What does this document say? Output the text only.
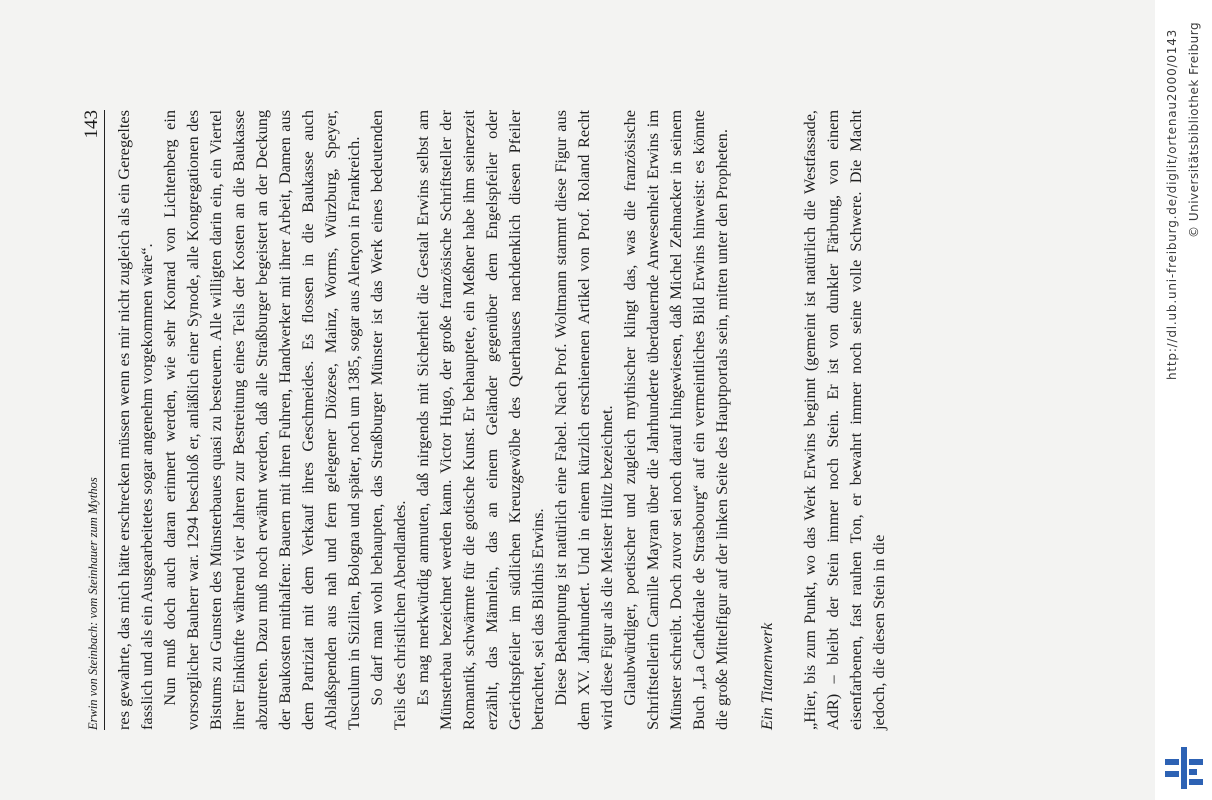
Erwin von Steinbach: vom Steinhauer zum Mythos
143 res gewahrte, das mich hätte erschrecken müssen wenn es mir nicht zugleich als ein Geregeltes fasslich und als ein Ausgearbeitetes sogar angenehm vorgekommen wäre“. Nun muß doch auch daran erinnert werden, wie sehr Konrad von Lichtenberg ein vorsorglicher Bauherr war. 1294 beschloß er, anläßlich einer Synode, alle Kongregationen des Bistums zu Gunsten des Münsterbaues quasi zu besteuern. Alle willigten darin ein, ein Viertel ihrer Einkünfte während vier Jahren zur Bestreitung eines Teils der Kosten an die Baukasse abzutreten. Dazu muß noch erwähnt werden, daß alle Straßburger begeistert an der Deckung der Baukosten mithalfen: Bauern mit ihren Fuhren, Handwerker mit ihrer Arbeit, Damen aus dem Patriziat mit dem Verkauf ihres Geschmeides. Es flossen in die Baukasse auch Ablaßspenden aus nah und fern gelegener Diözese, Mainz, Worms, Würzburg, Speyer, Tusculum in Sizilien, Bologna und später, noch um 1385, sogar aus Alençon in Frankreich. So darf man wohl behaupten, das Straßburger Münster ist das Werk eines bedeutenden Teils des christlichen Abendlandes. Es mag merkwürdig anmuten, daß nirgends mit Sicherheit die Gestalt Erwins selbst am Münsterbau bezeichnet werden kann. Victor Hugo, der große französische Schriftsteller der Romantik, schwärmte für die gotische Kunst. Er behauptete, ein Meßner habe ihm seinerzeit erzählt, das Männlein, das an einem Geländer gegenüber dem Engelspfeiler oder Gerichtspfeiler im südlichen Kreuzgewölbe des Querhauses nachdenklich diesen Pfeiler betrachtet, sei das Bildnis Erwins. Diese Behauptung ist natürlich eine Fabel. Nach Prof. Woltmann stammt diese Figur aus dem XV. Jahrhundert. Und in einem kürzlich erschienenen Artikel von Prof. Roland Recht wird diese Figur als die Meister Hültz bezeichnet. Glaubwürdiger, poetischer und zugleich mythischer klingt das, was die französische Schriftstellerin Camille Mayran über die Jahrhunderte überdauernde Anwesenheit Erwins im Münster schreibt. Doch zuvor sei noch darauf hingewiesen, daß Michel Zehnacker in seinem Buch „La Cathédrale de Strasbourg“ auf ein vermeintliches Bild Erwins hinweist: es könnte die große Mittelfigur auf der linken Seite des Hauptportals sein, mitten unter den Propheten. Ein Titanenwerk „Hier, bis zum Punkt, wo das Werk Erwins beginnt (gemeint ist natürlich die Westfassade, AdR) – bleibt der Stein immer noch Stein. Er ist von dunkler Färbung, von einem eisenfarbenen, fast rauhen Ton, er bewahrt immer noch seine volle Schwere. Die Macht jedoch, die diesen Stein in die

http://dl.ub.uni-freiburg.de/diglit/ortenau2000/0143 © Universitätsbibliothek Freiburg
